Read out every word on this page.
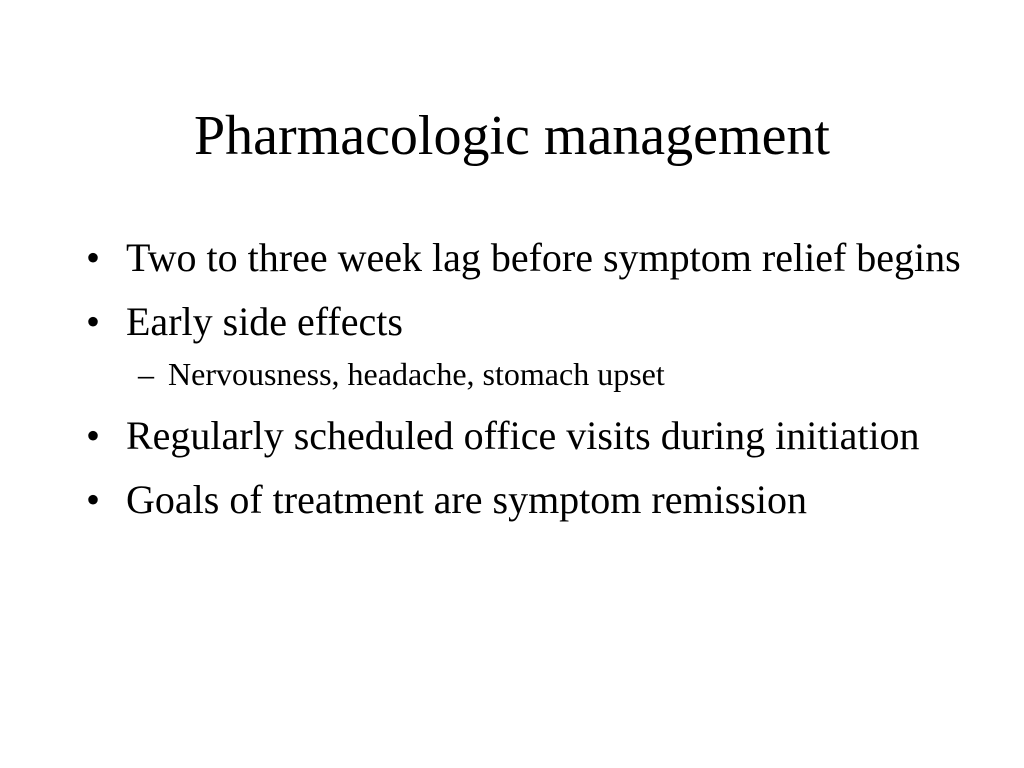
Pharmacologic management
• Two to three week lag before symptom relief begins
• Early side effects
– Nervousness, headache, stomach upset
• Regularly scheduled office visits during initiation
• Goals of treatment are symptom remission
